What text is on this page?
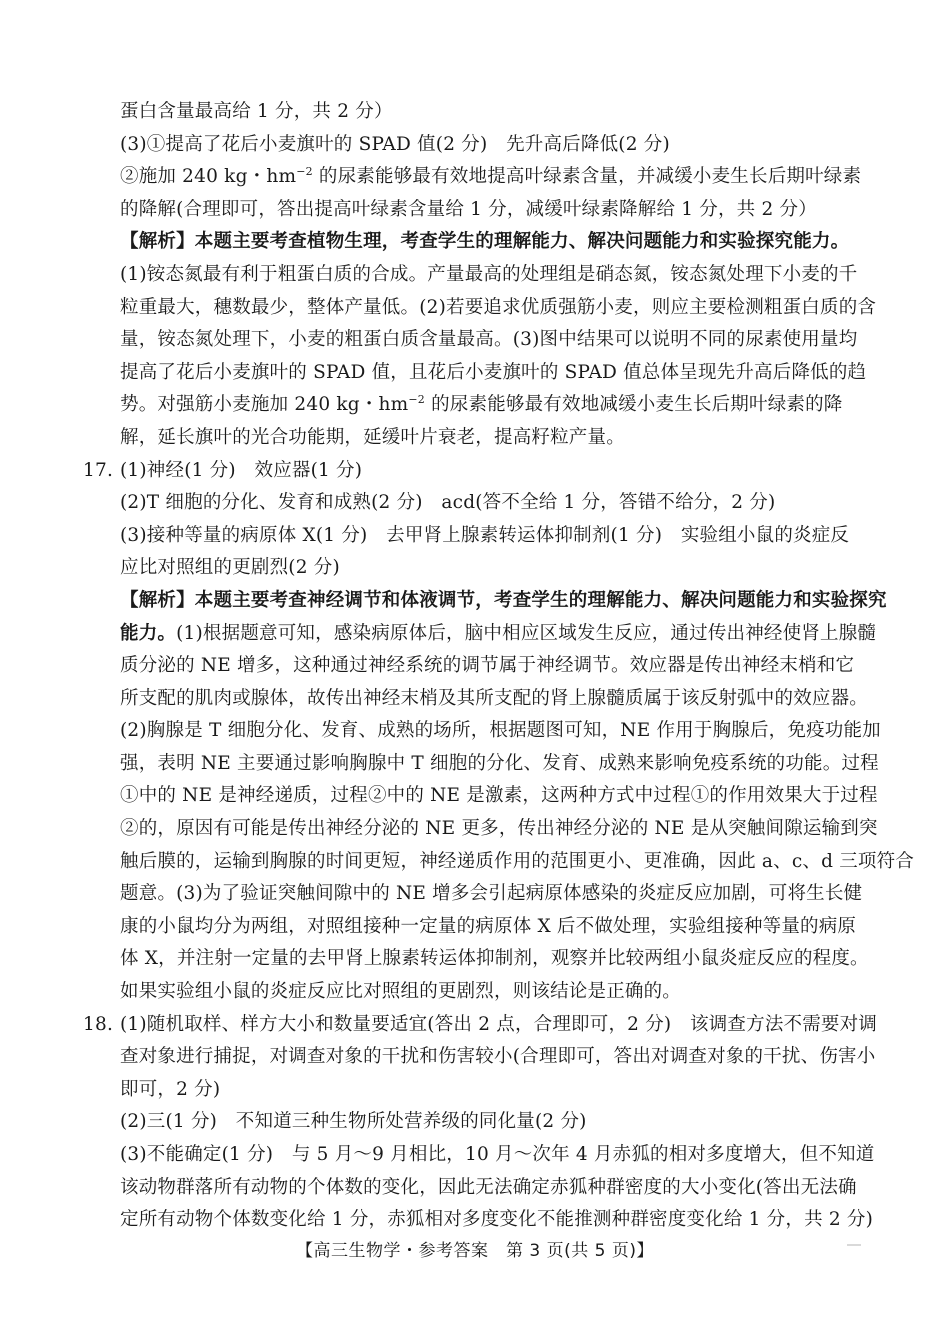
蛋白含量最高给 1 分，共 2 分）
(3)①提高了花后小麦旗叶的 SPAD 值(2 分)　先升高后降低(2 分)
②施加 240 kg・$hm^{-2}$ 的尿素能够最有效地提高叶绿素含量，并减缓小麦生长后期叶绿素
的降解(合理即可，答出提高叶绿素含量给 1 分，减缓叶绿素降解给 1 分，共 2 分）
【解析】本题主要考查植物生理，考查学生的理解能力、解决问题能力和实验探究能力。
(1)铵态氮最有利于粗蛋白质的合成。产量最高的处理组是硝态氮，铵态氮处理下小麦的千
粒重最大，穗数最少，整体产量低。(2)若要追求优质强筋小麦，则应主要检测粗蛋白质的含
量，铵态氮处理下，小麦的粗蛋白质含量最高。(3)图中结果可以说明不同的尿素使用量均
提高了花后小麦旗叶的 SPAD 值，且花后小麦旗叶的 SPAD 值总体呈现先升高后降低的趋
势。对强筋小麦施加 240 kg・$hm^{-2}$ 的尿素能够最有效地减缓小麦生长后期叶绿素的降
解，延长旗叶的光合功能期，延缓叶片衰老，提高籽粒产量。
17. (1)神经(1 分)　效应器(1 分)
(2)T 细胞的分化、发育和成熟(2 分)　acd(答不全给 1 分，答错不给分，2 分)
(3)接种等量的病原体 X(1 分)　去甲肾上腺素转运体抑制剂(1 分)　实验组小鼠的炎症反
应比对照组的更剧烈(2 分)
【解析】本题主要考查神经调节和体液调节，考查学生的理解能力、解决问题能力和实验探究
能力。(1)根据题意可知，感染病原体后，脑中相应区域发生反应，通过传出神经使肾上腺髓
质分泌的 NE 增多，这种通过神经系统的调节属于神经调节。效应器是传出神经末梢和它
所支配的肌肉或腺体，故传出神经末梢及其所支配的肾上腺髓质属于该反射弧中的效应器。
(2)胸腺是 T 细胞分化、发育、成熟的场所，根据题图可知，NE 作用于胸腺后，免疫功能加
强，表明 NE 主要通过影响胸腺中 T 细胞的分化、发育、成熟来影响免疫系统的功能。过程
①中的 NE 是神经递质，过程②中的 NE 是激素，这两种方式中过程①的作用效果大于过程
②的，原因有可能是传出神经分泌的 NE 更多，传出神经分泌的 NE 是从突触间隙运输到突
触后膜的，运输到胸腺的时间更短，神经递质作用的范围更小、更准确，因此 a、c、d 三项符合
题意。(3)为了验证突触间隙中的 NE 增多会引起病原体感染的炎症反应加剧，可将生长健
康的小鼠均分为两组，对照组接种一定量的病原体 X 后不做处理，实验组接种等量的病原
体 X，并注射一定量的去甲肾上腺素转运体抑制剂，观察并比较两组小鼠炎症反应的程度。
如果实验组小鼠的炎症反应比对照组的更剧烈，则该结论是正确的。
18. (1)随机取样、样方大小和数量要适宜(答出 2 点，合理即可，2 分)　该调查方法不需要对调
查对象进行捕捉，对调查对象的干扰和伤害较小(合理即可，答出对调查对象的干扰、伤害小
即可，2 分)
(2)三(1 分)　不知道三种生物所处营养级的同化量(2 分)
(3)不能确定(1 分)　与 5 月～9 月相比，10 月～次年 4 月赤狐的相对多度增大，但不知道
该动物群落所有动物的个体数的变化，因此无法确定赤狐种群密度的大小变化(答出无法确
定所有动物个体数变化给 1 分，赤狐相对多度变化不能推测种群密度变化给 1 分，共 2 分)
【高三生物学・参考答案　第 3 页(共 5 页)】
